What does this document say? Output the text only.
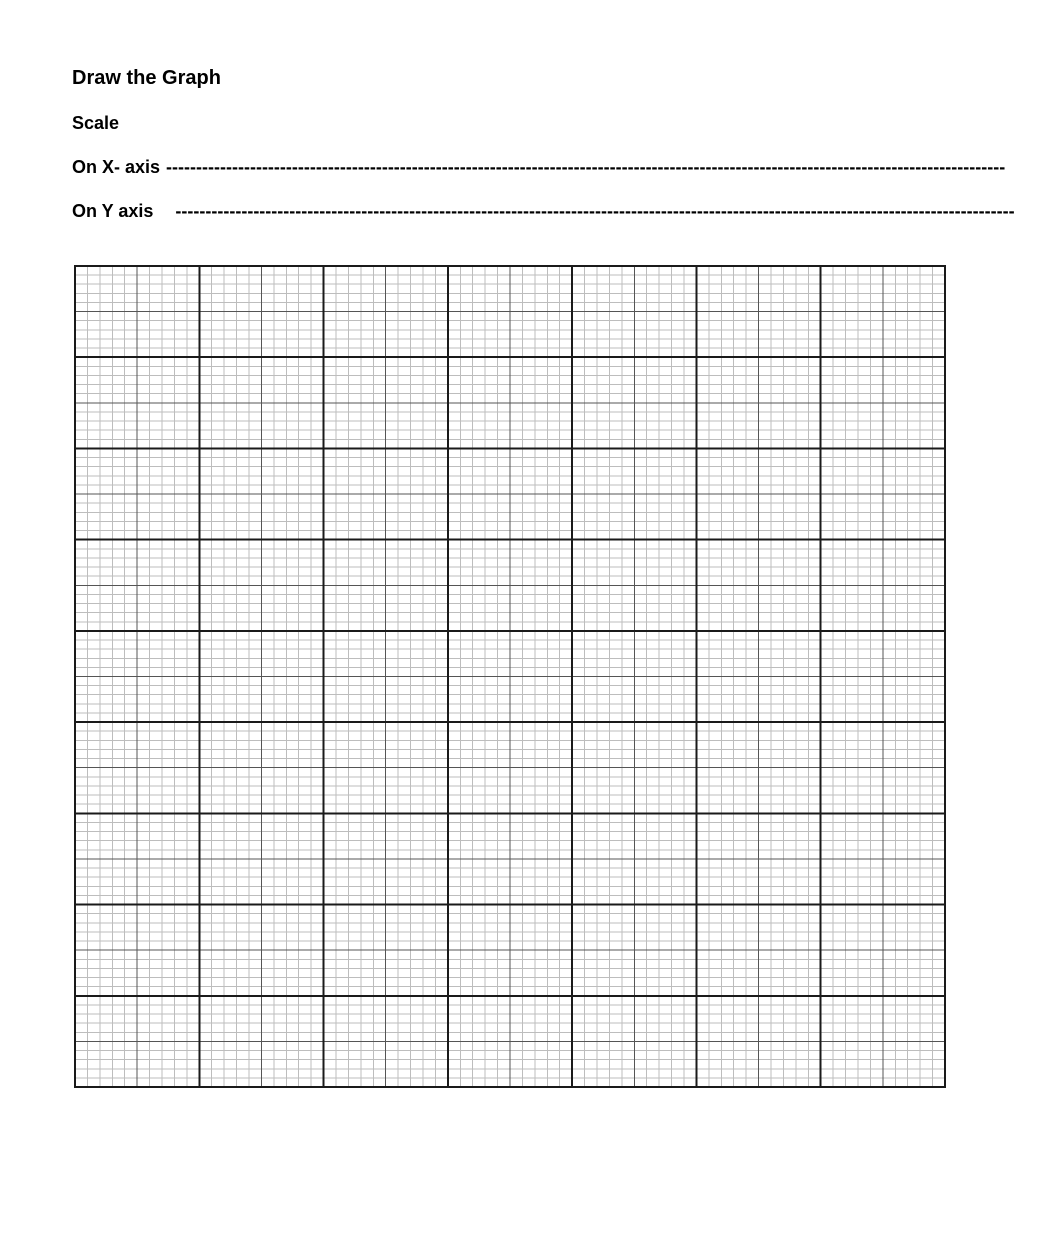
Draw the Graph
Scale
On X- axis --------------------------------------------------------------------------------------------------------------------------------------------
On Y axis --------------------------------------------------------------------------------------------------------------------------------------------
